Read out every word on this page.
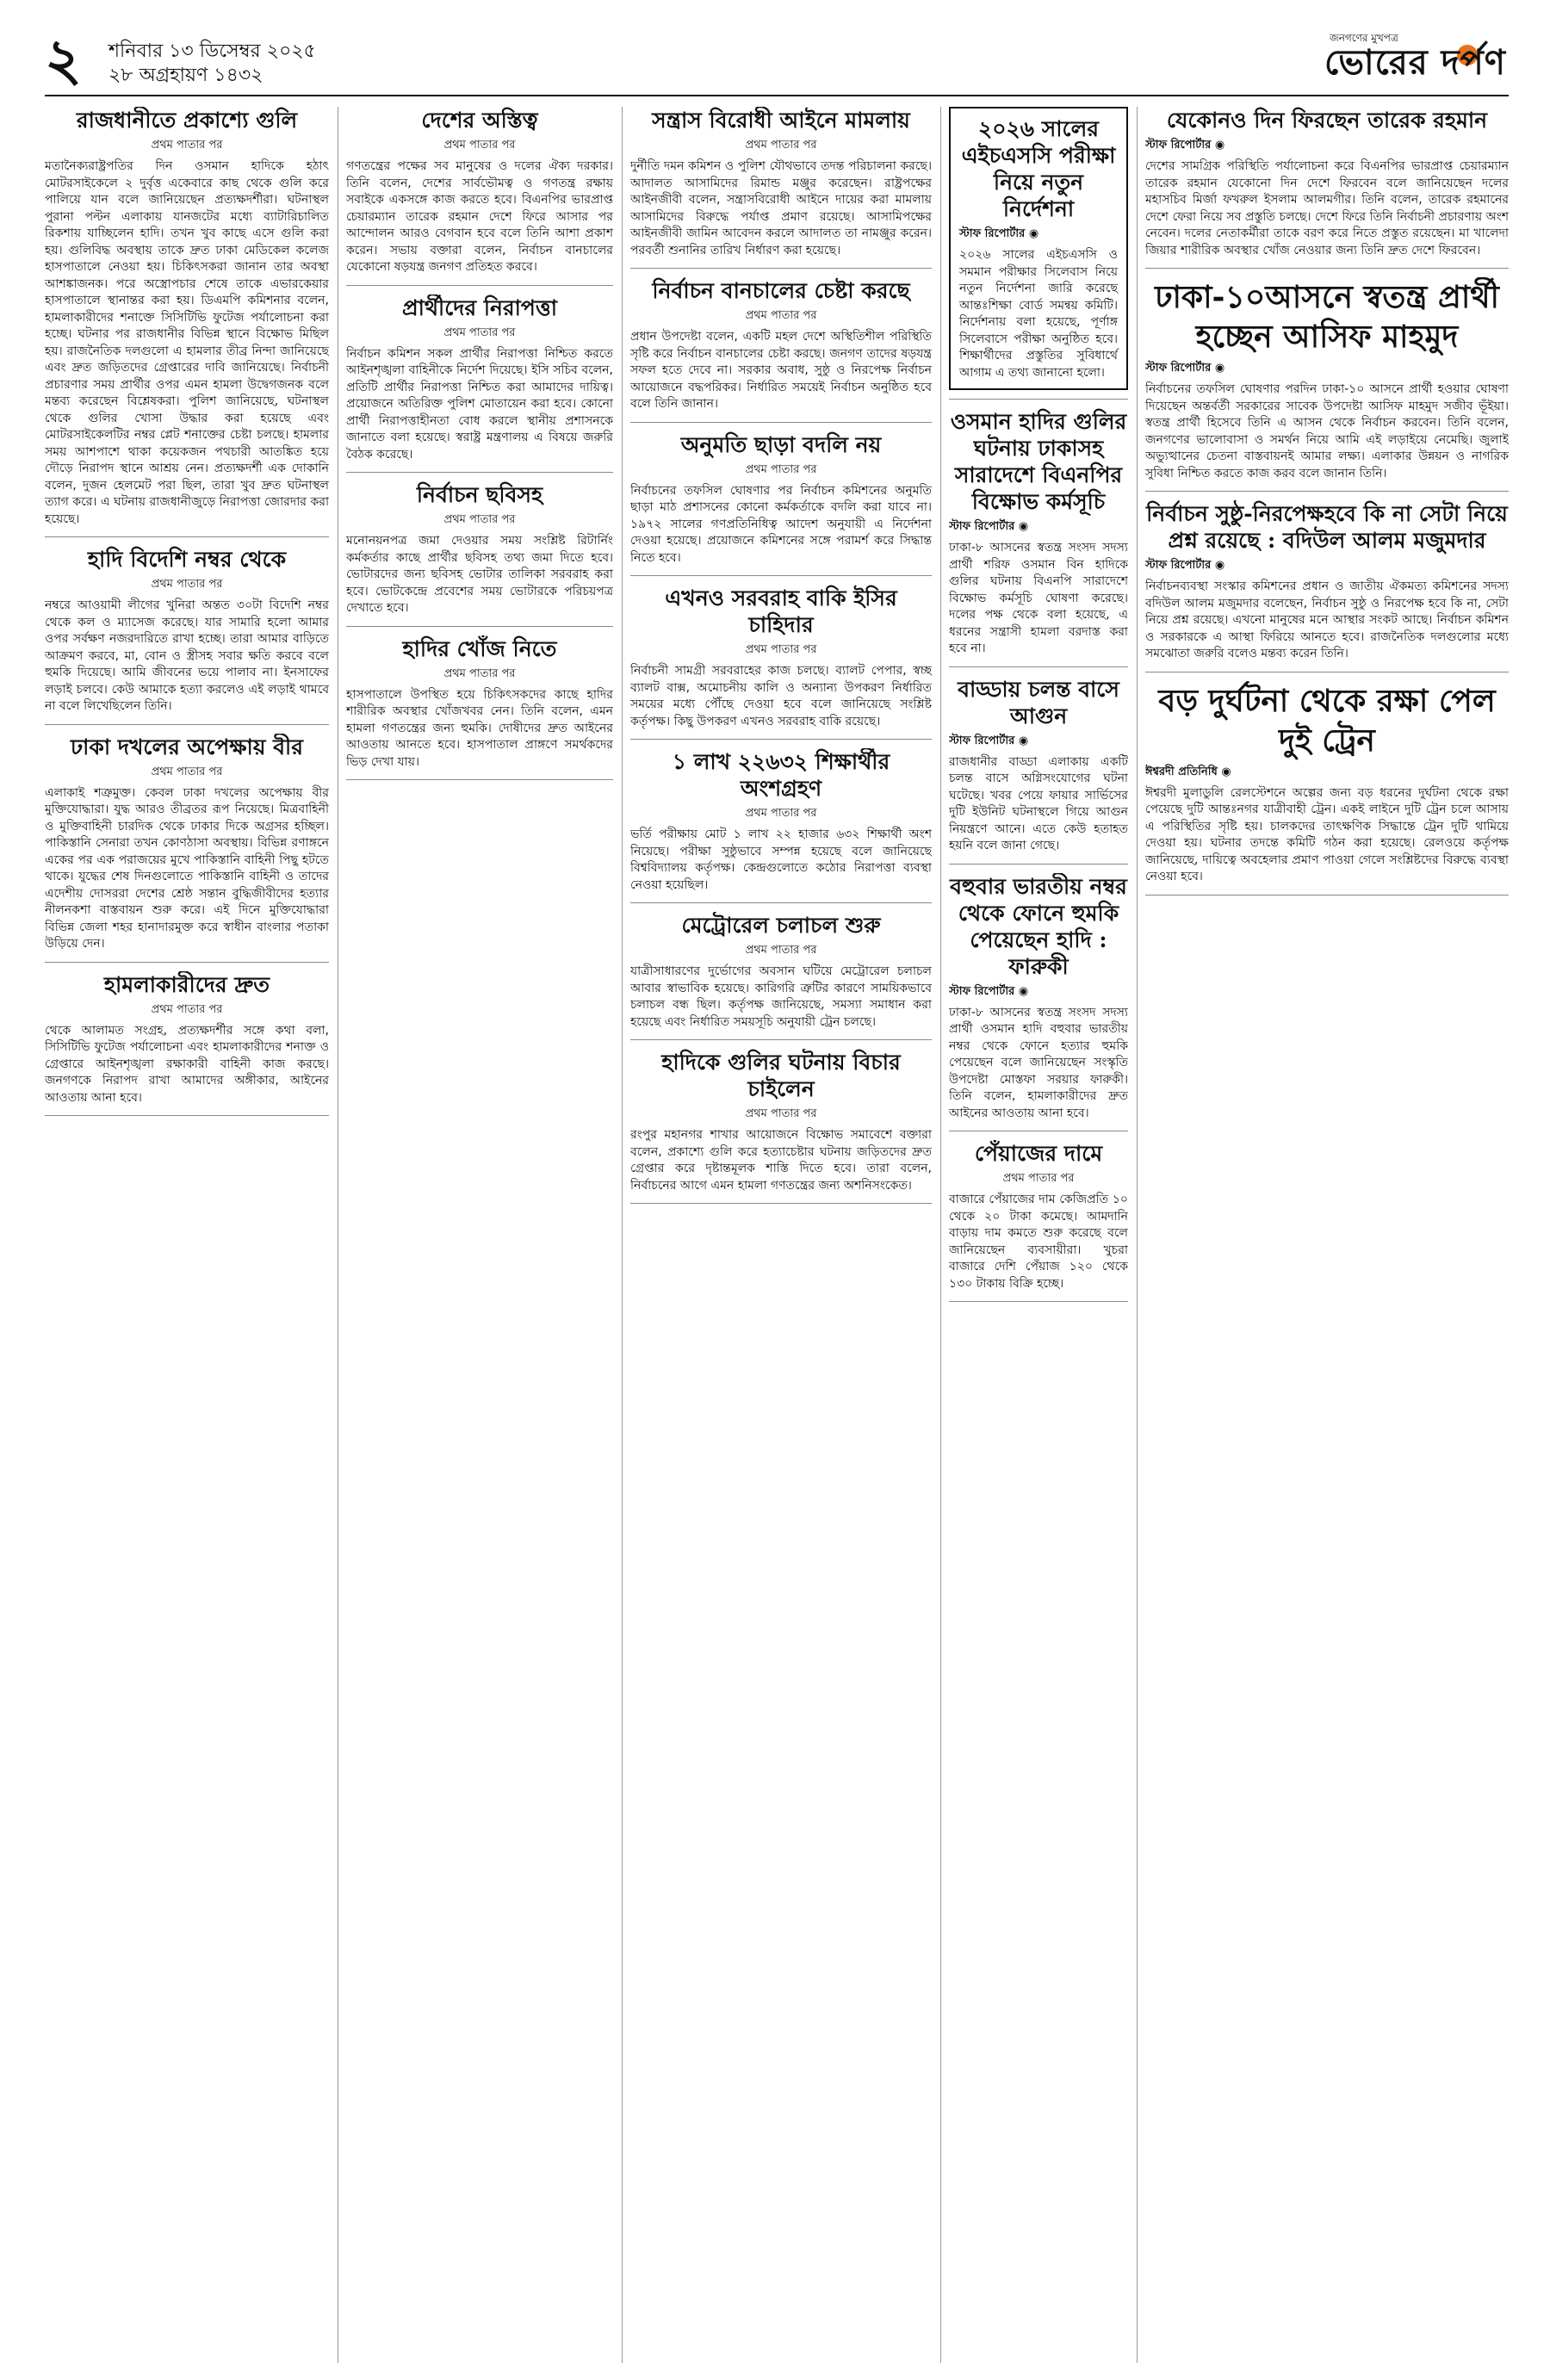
২ শনিবার ১৩ ডিসেম্বর ২০২৫
২৮ অগ্রহায়ণ ১৪৩২
জনগণের মুখপত্র
ভোরের দর্পণ
রাজধানীতে প্রকাশ্যে গুলি
প্রথম পাতার পর

মতানৈক্যরাষ্ট্রপতির দিন ওসমান হাদিকে হঠাৎ মোটরসাইকেলে ২ দুর্বৃত্ত একেবারে কাছ থেকে গুলি করে পালিয়ে যান বলে জানিয়েছেন প্রত্যক্ষদর্শীরা। ঘটনাস্থল পুরানা পল্টন এলাকায় যানজটের মধ্যে ব্যাটারিচালিত রিকশায় যাচ্ছিলেন হাদি। তখন খুব কাছে এসে গুলি করা হয়। গুলিবিদ্ধ অবস্থায় তাকে দ্রুত ঢাকা মেডিকেল কলেজ হাসপাতালে নেওয়া হয়। চিকিৎসকরা জানান তার অবস্থা আশঙ্কাজনক। পরে অস্ত্রোপচার শেষে তাকে এভারকেয়ার হাসপাতালে স্থানান্তর করা হয়। ডিএমপি কমিশনার বলেন, হামলাকারীদের শনাক্তে সিসিটিভি ফুটেজ পর্যালোচনা করা হচ্ছে। ঘটনার পর রাজধানীর বিভিন্ন স্থানে বিক্ষোভ মিছিল হয়। রাজনৈতিক দলগুলো এ হামলার তীব্র নিন্দা জানিয়েছে এবং দ্রুত জড়িতদের গ্রেপ্তারের দাবি জানিয়েছে। নির্বাচনী প্রচারণার সময় প্রার্থীর ওপর এমন হামলা উদ্বেগজনক বলে মন্তব্য করেছেন বিশ্লেষকরা। পুলিশ জানিয়েছে, ঘটনাস্থল থেকে গুলির খোসা উদ্ধার করা হয়েছে এবং মোটরসাইকেলটির নম্বর প্লেট শনাক্তের চেষ্টা চলছে। হামলার সময় আশপাশে থাকা কয়েকজন পথচারী আতঙ্কিত হয়ে দৌড়ে নিরাপদ স্থানে আশ্রয় নেন। প্রত্যক্ষদর্শী এক দোকানি বলেন, দুজন হেলমেট পরা ছিল, তারা খুব দ্রুত ঘটনাস্থল ত্যাগ করে। এ ঘটনায় রাজধানীজুড়ে নিরাপত্তা জোরদার করা হয়েছে।

হাদি বিদেশি নম্বর থেকে
প্রথম পাতার পর

নম্বরে আওয়ামী লীগের খুনিরা অন্তত ৩০টা বিদেশি নম্বর থেকে কল ও ম্যাসেজ করেছে। যার সামারি হলো আমার ওপর সর্বক্ষণ নজরদারিতে রাখা হচ্ছে। তারা আমার বাড়িতে আক্রমণ করবে, মা, বোন ও স্ত্রীসহ সবার ক্ষতি করবে বলে হুমকি দিয়েছে। আমি জীবনের ভয়ে পালাব না। ইনসাফের লড়াই চলবে। কেউ আমাকে হত্যা করলেও এই লড়াই থামবে না বলে লিখেছিলেন তিনি।

ঢাকা দখলের অপেক্ষায় বীর
প্রথম পাতার পর

এলাকাই শত্রুমুক্ত। কেবল ঢাকা দখলের অপেক্ষায় বীর মুক্তিযোদ্ধারা। যুদ্ধ আরও তীব্রতর রূপ নিয়েছে। মিত্রবাহিনী ও মুক্তিবাহিনী চারদিক থেকে ঢাকার দিকে অগ্রসর হচ্ছিল। পাকিস্তানি সেনারা তখন কোণঠাসা অবস্থায়। বিভিন্ন রণাঙ্গনে একের পর এক পরাজয়ের মুখে পাকিস্তানি বাহিনী পিছু হটতে থাকে। যুদ্ধের শেষ দিনগুলোতে পাকিস্তানি বাহিনী ও তাদের এদেশীয় দোসররা দেশের শ্রেষ্ঠ সন্তান বুদ্ধিজীবীদের হত্যার নীলনকশা বাস্তবায়ন শুরু করে। এই দিনে মুক্তিযোদ্ধারা বিভিন্ন জেলা শহর হানাদারমুক্ত করে স্বাধীন বাংলার পতাকা উড়িয়ে দেন।

হামলাকারীদের দ্রুত
প্রথম পাতার পর

থেকে আলামত সংগ্রহ, প্রত্যক্ষদর্শীর সঙ্গে কথা বলা, সিসিটিভি ফুটেজ পর্যালোচনা এবং হামলাকারীদের শনাক্ত ও গ্রেপ্তারে আইনশৃঙ্খলা রক্ষাকারী বাহিনী কাজ করছে। জনগণকে নিরাপদ রাখা আমাদের অঙ্গীকার, আইনের আওতায় আনা হবে।

দেশের অস্তিত্ব
প্রথম পাতার পর

গণতন্ত্রের পক্ষের সব মানুষের ও দলের ঐক্য দরকার। তিনি বলেন, দেশের সার্বভৌমত্ব ও গণতন্ত্র রক্ষায় সবাইকে একসঙ্গে কাজ করতে হবে। বিএনপির ভারপ্রাপ্ত চেয়ারম্যান তারেক রহমান দেশে ফিরে আসার পর আন্দোলন আরও বেগবান হবে বলে তিনি আশা প্রকাশ করেন। সভায় বক্তারা বলেন, নির্বাচন বানচালের যেকোনো ষড়যন্ত্র জনগণ প্রতিহত করবে।

প্রার্থীদের নিরাপত্তা
প্রথম পাতার পর

নির্বাচন কমিশন সকল প্রার্থীর নিরাপত্তা নিশ্চিত করতে আইনশৃঙ্খলা বাহিনীকে নির্দেশ দিয়েছে। ইসি সচিব বলেন, প্রতিটি প্রার্থীর নিরাপত্তা নিশ্চিত করা আমাদের দায়িত্ব। প্রয়োজনে অতিরিক্ত পুলিশ মোতায়েন করা হবে। কোনো প্রার্থী নিরাপত্তাহীনতা বোধ করলে স্থানীয় প্রশাসনকে জানাতে বলা হয়েছে। স্বরাষ্ট্র মন্ত্রণালয় এ বিষয়ে জরুরি বৈঠক করেছে।

নির্বাচন ছবিসহ
প্রথম পাতার পর

মনোনয়নপত্র জমা দেওয়ার সময় সংশ্লিষ্ট রিটার্নিং কর্মকর্তার কাছে প্রার্থীর ছবিসহ তথ্য জমা দিতে হবে। ভোটারদের জন্য ছবিসহ ভোটার তালিকা সরবরাহ করা হবে। ভোটকেন্দ্রে প্রবেশের সময় ভোটারকে পরিচয়পত্র দেখাতে হবে।

হাদির খোঁজ নিতে
প্রথম পাতার পর

হাসপাতালে উপস্থিত হয়ে চিকিৎসকদের কাছে হাদির শারীরিক অবস্থার খোঁজখবর নেন। তিনি বলেন, এমন হামলা গণতন্ত্রের জন্য হুমকি। দোষীদের দ্রুত আইনের আওতায় আনতে হবে। হাসপাতাল প্রাঙ্গণে সমর্থকদের ভিড় দেখা যায়।

সন্ত্রাস বিরোধী আইনে মামলায়
প্রথম পাতার পর

দুর্নীতি দমন কমিশন ও পুলিশ যৌথভাবে তদন্ত পরিচালনা করছে। আদালত আসামিদের রিমান্ড মঞ্জুর করেছেন। রাষ্ট্রপক্ষের আইনজীবী বলেন, সন্ত্রাসবিরোধী আইনে দায়ের করা মামলায় আসামিদের বিরুদ্ধে পর্যাপ্ত প্রমাণ রয়েছে। আসামিপক্ষের আইনজীবী জামিন আবেদন করলে আদালত তা নামঞ্জুর করেন। পরবর্তী শুনানির তারিখ নির্ধারণ করা হয়েছে।

নির্বাচন বানচালের চেষ্টা করছে
প্রথম পাতার পর

প্রধান উপদেষ্টা বলেন, একটি মহল দেশে অস্থিতিশীল পরিস্থিতি সৃষ্টি করে নির্বাচন বানচালের চেষ্টা করছে। জনগণ তাদের ষড়যন্ত্র সফল হতে দেবে না। সরকার অবাধ, সুষ্ঠু ও নিরপেক্ষ নির্বাচন আয়োজনে বদ্ধপরিকর। নির্ধারিত সময়েই নির্বাচন অনুষ্ঠিত হবে বলে তিনি জানান।

অনুমতি ছাড়া বদলি নয়
প্রথম পাতার পর

নির্বাচনের তফসিল ঘোষণার পর নির্বাচন কমিশনের অনুমতি ছাড়া মাঠ প্রশাসনের কোনো কর্মকর্তাকে বদলি করা যাবে না। ১৯৭২ সালের গণপ্রতিনিধিত্ব আদেশ অনুযায়ী এ নির্দেশনা দেওয়া হয়েছে। প্রয়োজনে কমিশনের সঙ্গে পরামর্শ করে সিদ্ধান্ত নিতে হবে।

এখনও সরবরাহ বাকি ইসির চাহিদার
প্রথম পাতার পর

নির্বাচনী সামগ্রী সরবরাহের কাজ চলছে। ব্যালট পেপার, স্বচ্ছ ব্যালট বাক্স, অমোচনীয় কালি ও অন্যান্য উপকরণ নির্ধারিত সময়ের মধ্যে পৌঁছে দেওয়া হবে বলে জানিয়েছে সংশ্লিষ্ট কর্তৃপক্ষ। কিছু উপকরণ এখনও সরবরাহ বাকি রয়েছে।

১ লাখ ২২৬৩২ শিক্ষার্থীর অংশগ্রহণ
প্রথম পাতার পর

ভর্তি পরীক্ষায় মোট ১ লাখ ২২ হাজার ৬৩২ শিক্ষার্থী অংশ নিয়েছে। পরীক্ষা সুষ্ঠুভাবে সম্পন্ন হয়েছে বলে জানিয়েছে বিশ্ববিদ্যালয় কর্তৃপক্ষ। কেন্দ্রগুলোতে কঠোর নিরাপত্তা ব্যবস্থা নেওয়া হয়েছিল।

মেট্রোরেল চলাচল শুরু
প্রথম পাতার পর

যাত্রীসাধারণের দুর্ভোগের অবসান ঘটিয়ে মেট্রোরেল চলাচল আবার স্বাভাবিক হয়েছে। কারিগরি ত্রুটির কারণে সাময়িকভাবে চলাচল বন্ধ ছিল। কর্তৃপক্ষ জানিয়েছে, সমস্যা সমাধান করা হয়েছে এবং নির্ধারিত সময়সূচি অনুযায়ী ট্রেন চলছে।

হাদিকে গুলির ঘটনায় বিচার চাইলেন
প্রথম পাতার পর

রংপুর মহানগর শাখার আয়োজনে বিক্ষোভ সমাবেশে বক্তারা বলেন, প্রকাশ্যে গুলি করে হত্যাচেষ্টার ঘটনায় জড়িতদের দ্রুত গ্রেপ্তার করে দৃষ্টান্তমূলক শাস্তি দিতে হবে। তারা বলেন, নির্বাচনের আগে এমন হামলা গণতন্ত্রের জন্য অশনিসংকেত।

২০২৬ সালের এইচএসসি পরীক্ষা নিয়ে নতুন নির্দেশনা
স্টাফ রিপোর্টার ◉

২০২৬ সালের এইচএসসি ও সমমান পরীক্ষার সিলেবাস নিয়ে নতুন নির্দেশনা জারি করেছে আন্তঃশিক্ষা বোর্ড সমন্বয় কমিটি। নির্দেশনায় বলা হয়েছে, পূর্ণাঙ্গ সিলেবাসে পরীক্ষা অনুষ্ঠিত হবে। শিক্ষার্থীদের প্রস্তুতির সুবিধার্থে আগাম এ তথ্য জানানো হলো।

ওসমান হাদির গুলির ঘটনায় ঢাকাসহ সারাদেশে বিএনপির বিক্ষোভ কর্মসূচি
স্টাফ রিপোর্টার ◉

ঢাকা-৮ আসনের স্বতন্ত্র সংসদ সদস্য প্রার্থী শরিফ ওসমান বিন হাদিকে গুলির ঘটনায় বিএনপি সারাদেশে বিক্ষোভ কর্মসূচি ঘোষণা করেছে। দলের পক্ষ থেকে বলা হয়েছে, এ ধরনের সন্ত্রাসী হামলা বরদাস্ত করা হবে না।

বাড্ডায় চলন্ত বাসে আগুন
স্টাফ রিপোর্টার ◉

রাজধানীর বাড্ডা এলাকায় একটি চলন্ত বাসে অগ্নিসংযোগের ঘটনা ঘটেছে। খবর পেয়ে ফায়ার সার্ভিসের দুটি ইউনিট ঘটনাস্থলে গিয়ে আগুন নিয়ন্ত্রণে আনে। এতে কেউ হতাহত হয়নি বলে জানা গেছে।

বহুবার ভারতীয় নম্বর থেকে ফোনে হুমকি পেয়েছেন হাদি : ফারুকী
স্টাফ রিপোর্টার ◉

ঢাকা-৮ আসনের স্বতন্ত্র সংসদ সদস্য প্রার্থী ওসমান হাদি বহুবার ভারতীয় নম্বর থেকে ফোনে হত্যার হুমকি পেয়েছেন বলে জানিয়েছেন সংস্কৃতি উপদেষ্টা মোস্তফা সরয়ার ফারুকী। তিনি বলেন, হামলাকারীদের দ্রুত আইনের আওতায় আনা হবে।

পেঁয়াজের দামে
প্রথম পাতার পর

বাজারে পেঁয়াজের দাম কেজিপ্রতি ১০ থেকে ২০ টাকা কমেছে। আমদানি বাড়ায় দাম কমতে শুরু করেছে বলে জানিয়েছেন ব্যবসায়ীরা। খুচরা বাজারে দেশি পেঁয়াজ ১২০ থেকে ১৩০ টাকায় বিক্রি হচ্ছে।

যেকোনও দিন ফিরছেন তারেক রহমান
স্টাফ রিপোর্টার ◉

দেশের সামগ্রিক পরিস্থিতি পর্যালোচনা করে বিএনপির ভারপ্রাপ্ত চেয়ারম্যান তারেক রহমান যেকোনো দিন দেশে ফিরবেন বলে জানিয়েছেন দলের মহাসচিব মির্জা ফখরুল ইসলাম আলমগীর। তিনি বলেন, তারেক রহমানের দেশে ফেরা নিয়ে সব প্রস্তুতি চলছে। দেশে ফিরে তিনি নির্বাচনী প্রচারণায় অংশ নেবেন। দলের নেতাকর্মীরা তাকে বরণ করে নিতে প্রস্তুত রয়েছেন। মা খালেদা জিয়ার শারীরিক অবস্থার খোঁজ নেওয়ার জন্য তিনি দ্রুত দেশে ফিরবেন।

ঢাকা-১০আসনে স্বতন্ত্র প্রার্থী হচ্ছেন আসিফ মাহমুদ
স্টাফ রিপোর্টার ◉

নির্বাচনের তফসিল ঘোষণার পরদিন ঢাকা-১০ আসনে প্রার্থী হওয়ার ঘোষণা দিয়েছেন অন্তর্বর্তী সরকারের সাবেক উপদেষ্টা আসিফ মাহমুদ সজীব ভূঁইয়া। স্বতন্ত্র প্রার্থী হিসেবে তিনি এ আসন থেকে নির্বাচন করবেন। তিনি বলেন, জনগণের ভালোবাসা ও সমর্থন নিয়ে আমি এই লড়াইয়ে নেমেছি। জুলাই অভ্যুত্থানের চেতনা বাস্তবায়নই আমার লক্ষ্য। এলাকার উন্নয়ন ও নাগরিক সুবিধা নিশ্চিত করতে কাজ করব বলে জানান তিনি।

নির্বাচন সুষ্ঠু-নিরপেক্ষহবে কি না সেটা নিয়ে প্রশ্ন রয়েছে : বদিউল আলম মজুমদার
স্টাফ রিপোর্টার ◉

নির্বাচনব্যবস্থা সংস্কার কমিশনের প্রধান ও জাতীয় ঐকমত্য কমিশনের সদস্য বদিউল আলম মজুমদার বলেছেন, নির্বাচন সুষ্ঠু ও নিরপেক্ষ হবে কি না, সেটা নিয়ে প্রশ্ন রয়েছে। এখনো মানুষের মনে আস্থার সংকট আছে। নির্বাচন কমিশন ও সরকারকে এ আস্থা ফিরিয়ে আনতে হবে। রাজনৈতিক দলগুলোর মধ্যে সমঝোতা জরুরি বলেও মন্তব্য করেন তিনি।

বড় দুর্ঘটনা থেকে রক্ষা পেল দুই ট্রেন
ঈশ্বরদী প্রতিনিধি ◉

ঈশ্বরদী মুলাডুলি রেলস্টেশনে অল্পের জন্য বড় ধরনের দুর্ঘটনা থেকে রক্ষা পেয়েছে দুটি আন্তঃনগর যাত্রীবাহী ট্রেন। একই লাইনে দুটি ট্রেন চলে আসায় এ পরিস্থিতির সৃষ্টি হয়। চালকদের তাৎক্ষণিক সিদ্ধান্তে ট্রেন দুটি থামিয়ে দেওয়া হয়। ঘটনার তদন্তে কমিটি গঠন করা হয়েছে। রেলওয়ে কর্তৃপক্ষ জানিয়েছে, দায়িত্বে অবহেলার প্রমাণ পাওয়া গেলে সংশ্লিষ্টদের বিরুদ্ধে ব্যবস্থা নেওয়া হবে।
